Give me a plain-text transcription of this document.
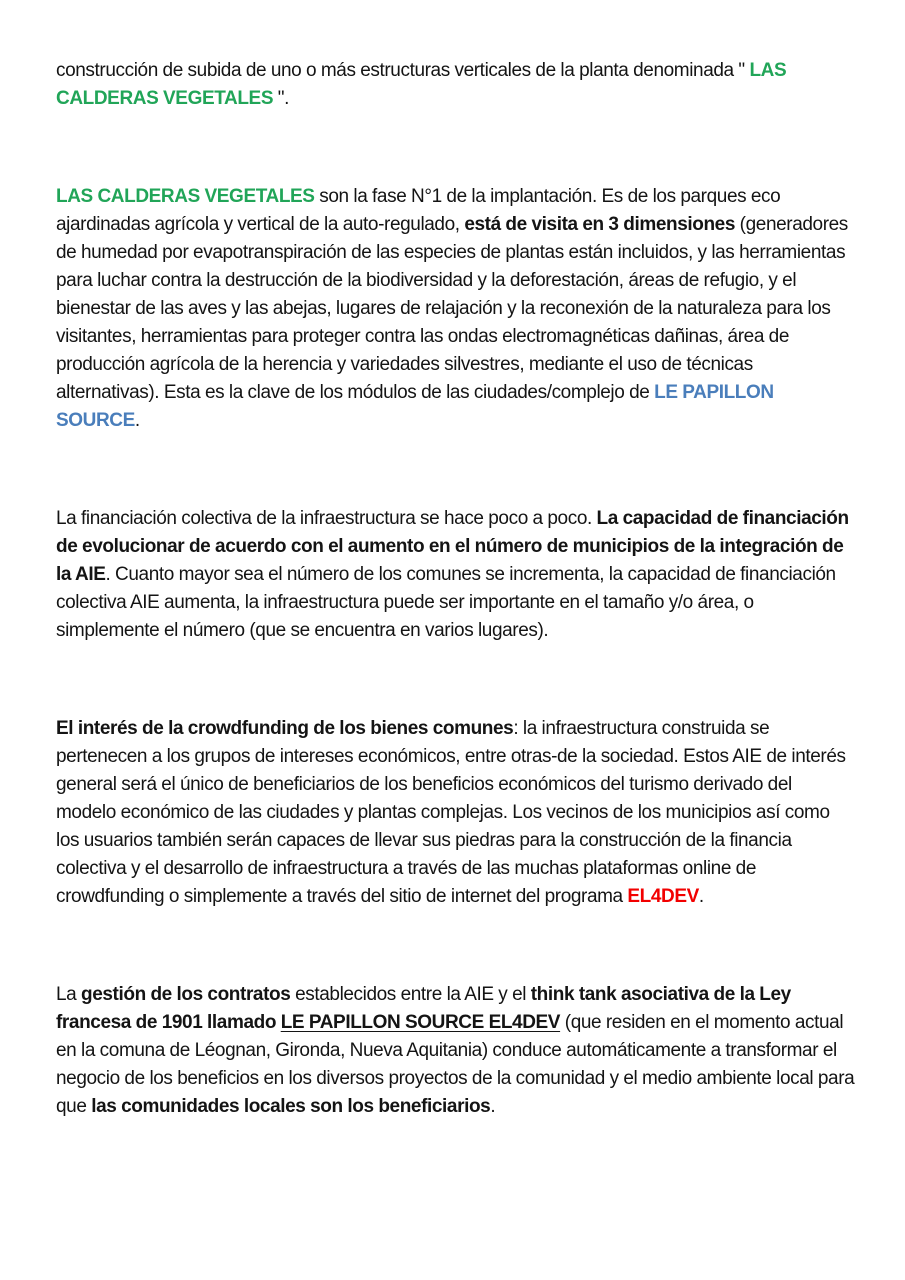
construcción de subida de uno o más estructuras verticales de la planta denominada " LAS CALDERAS VEGETALES ".

LAS CALDERAS VEGETALES son la fase N°1 de la implantación. Es de los parques eco ajardinadas agrícola y vertical de la auto-regulado, está de visita en 3 dimensiones (generadores de humedad por evapotranspiración de las especies de plantas están incluidos, y las herramientas para luchar contra la destrucción de la biodiversidad y la deforestación, áreas de refugio, y el bienestar de las aves y las abejas, lugares de relajación y la reconexión de la naturaleza para los visitantes, herramientas para proteger contra las ondas electromagnéticas dañinas, área de producción agrícola de la herencia y variedades silvestres, mediante el uso de técnicas alternativas). Esta es la clave de los módulos de las ciudades/complejo de LE PAPILLON SOURCE.

La financiación colectiva de la infraestructura se hace poco a poco. La capacidad de financiación de evolucionar de acuerdo con el aumento en el número de municipios de la integración de la AIE. Cuanto mayor sea el número de los comunes se incrementa, la capacidad de financiación colectiva AIE aumenta, la infraestructura puede ser importante en el tamaño y/o área, o simplemente el número (que se encuentra en varios lugares).

El interés de la crowdfunding de los bienes comunes: la infraestructura construida se pertenecen a los grupos de intereses económicos, entre otras-de la sociedad. Estos AIE de interés general será el único de beneficiarios de los beneficios económicos del turismo derivado del modelo económico de las ciudades y plantas complejas. Los vecinos de los municipios así como los usuarios también serán capaces de llevar sus piedras para la construcción de la financia colectiva y el desarrollo de infraestructura a través de las muchas plataformas online de crowdfunding o simplemente a través del sitio de internet del programa EL4DEV.

La gestión de los contratos establecidos entre la AIE y el think tank asociativa de la Ley francesa de 1901 llamado LE PAPILLON SOURCE EL4DEV (que residen en el momento actual en la comuna de Léognan, Gironda, Nueva Aquitania) conduce automáticamente a transformar el negocio de los beneficios en los diversos proyectos de la comunidad y el medio ambiente local para que las comunidades locales son los beneficiarios.
